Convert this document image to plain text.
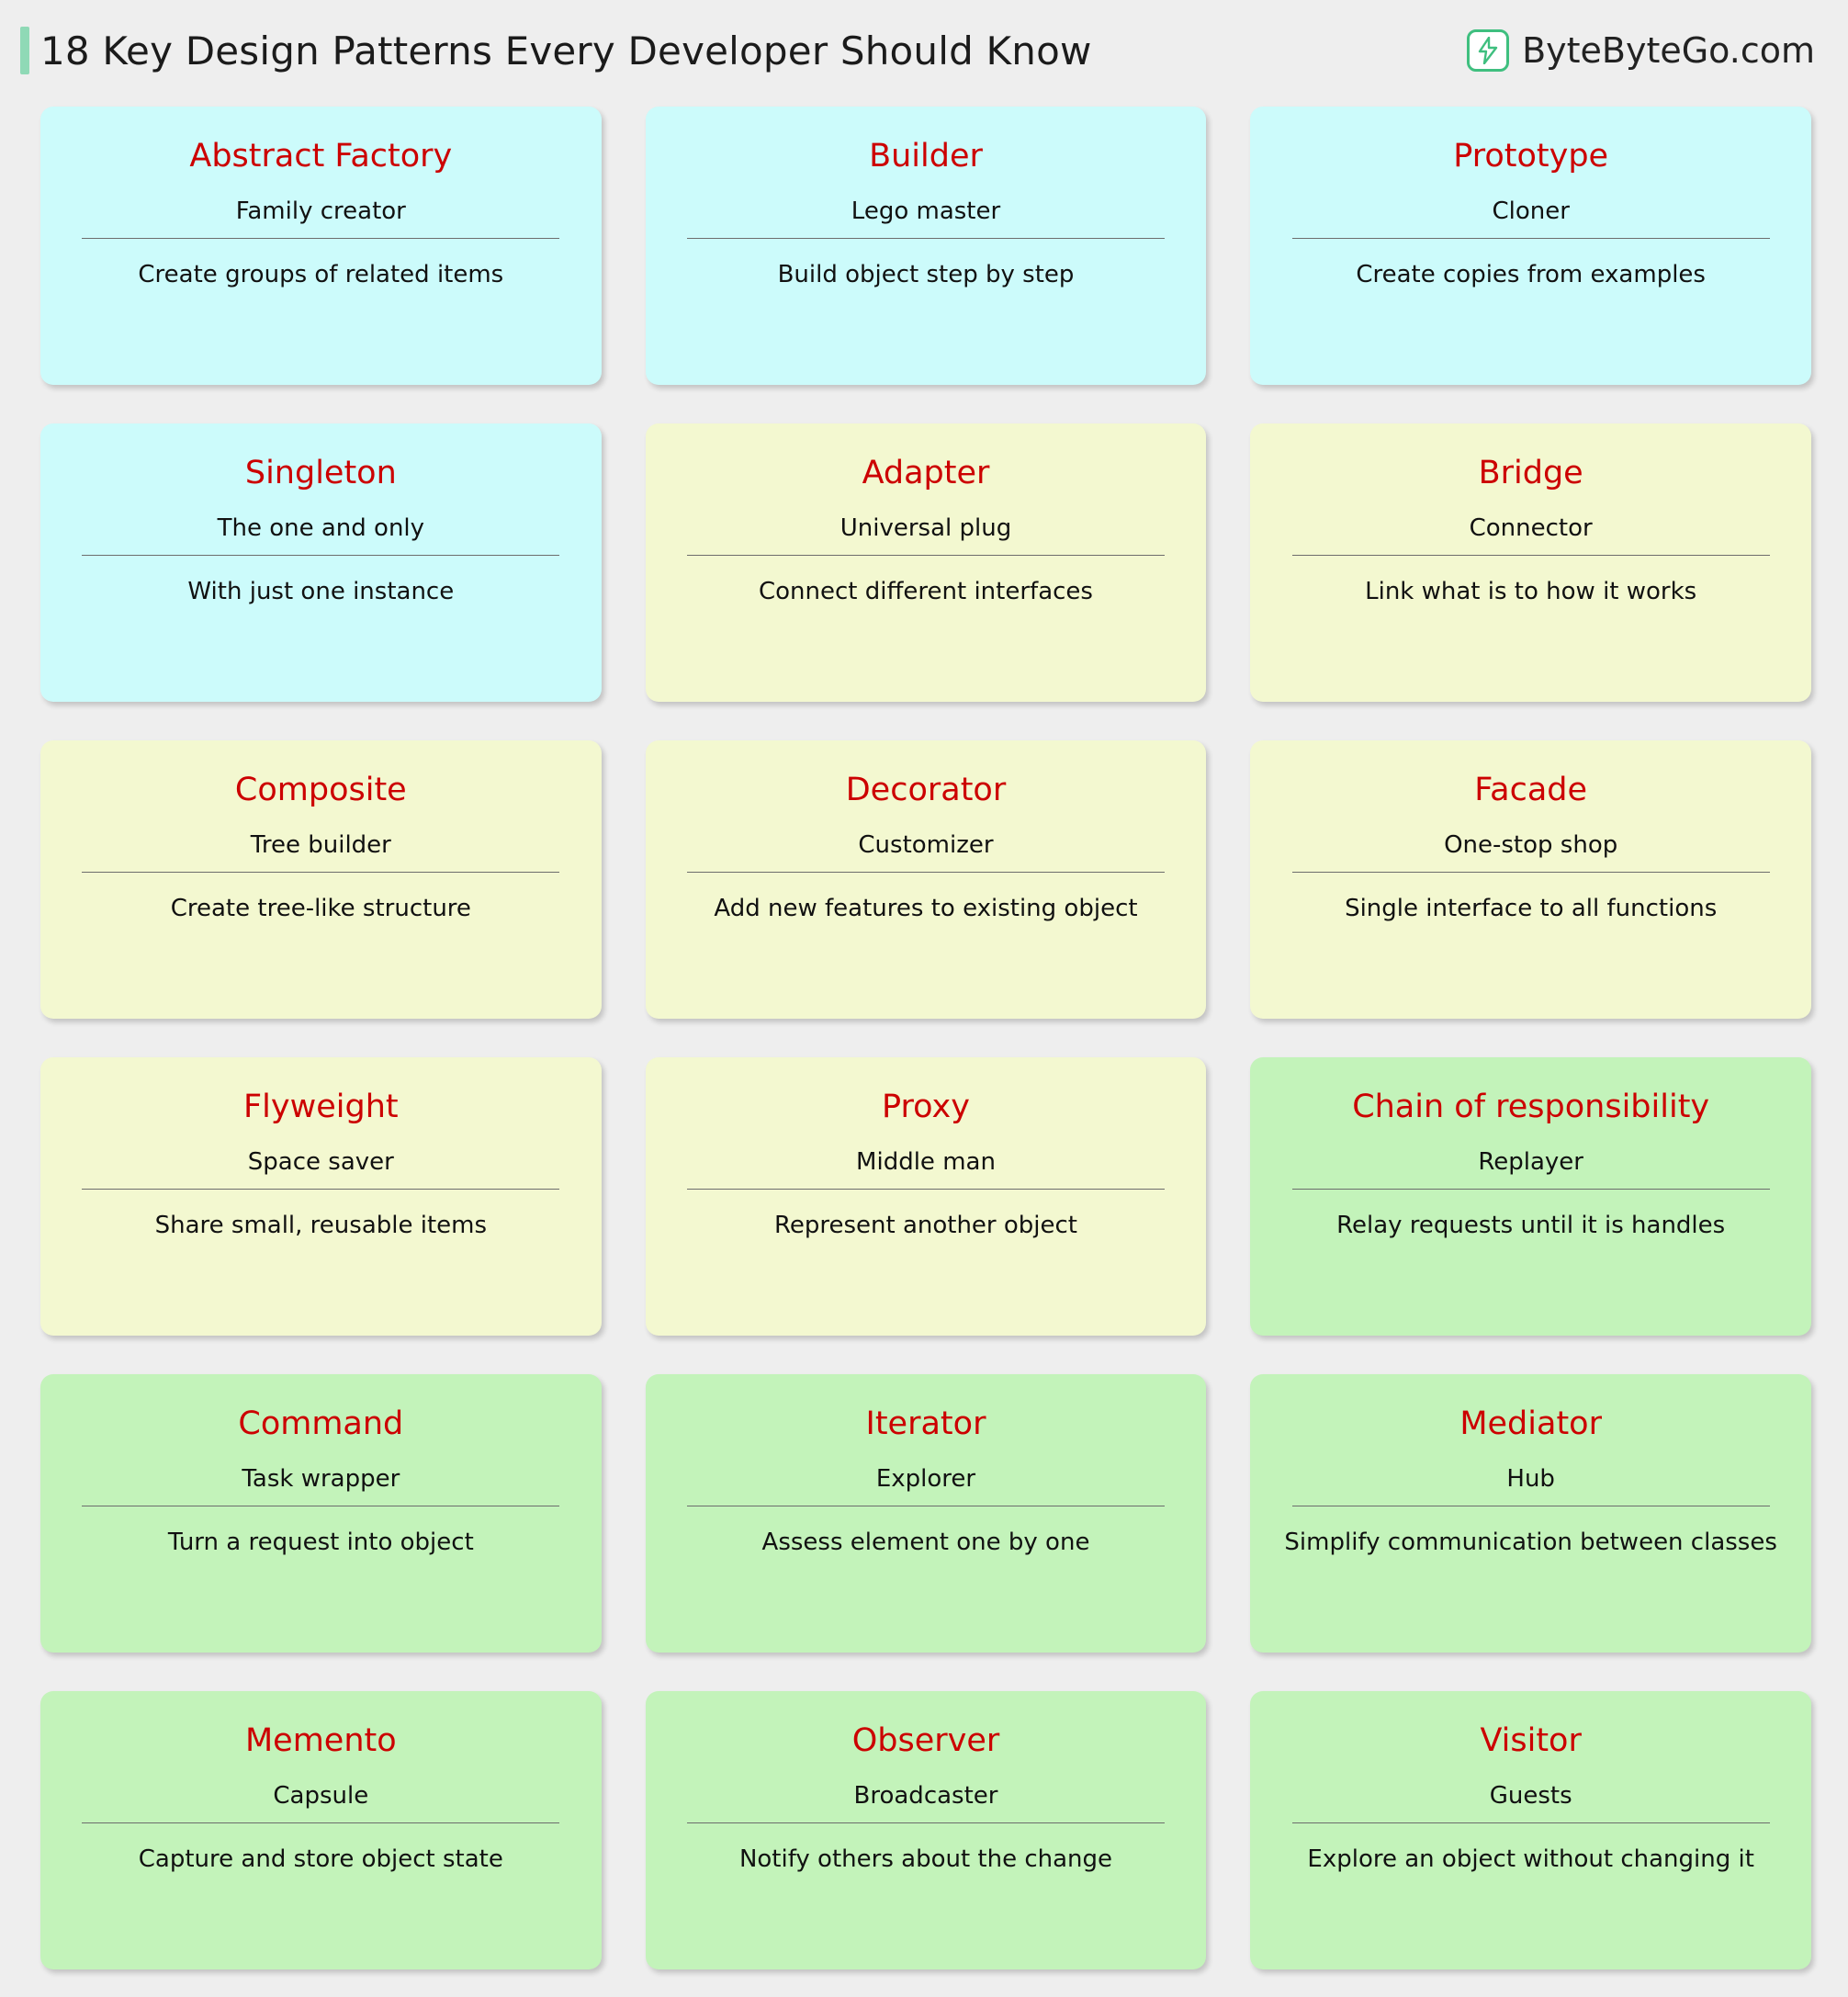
18 Key Design Patterns Every Developer Should Know	ByteByteGo.com
Abstract Factory
Family creator
Create groups of related items
Builder
Lego master
Build object step by step
Prototype
Cloner
Create copies from examples
Singleton
The one and only
With just one instance
Adapter
Universal plug
Connect different interfaces
Bridge
Connector
Link what is to how it works
Composite
Tree builder
Create tree-like structure
Decorator
Customizer
Add new features to existing object
Facade
One-stop shop
Single interface to all functions
Flyweight
Space saver
Share small, reusable items
Proxy
Middle man
Represent another object
Chain of responsibility
Replayer
Relay requests until it is handles
Command
Task wrapper
Turn a request into object
Iterator
Explorer
Assess element one by one
Mediator
Hub
Simplify communication between classes
Memento
Capsule
Capture and store object state
Observer
Broadcaster
Notify others about the change
Visitor
Guests
Explore an object without changing it
